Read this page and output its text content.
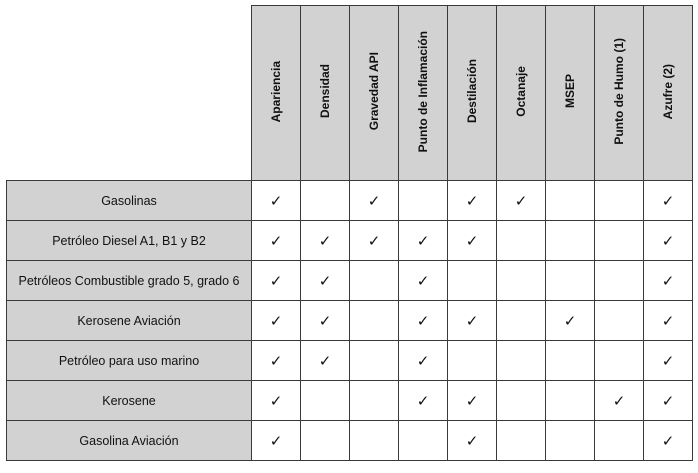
	Apariencia	Densidad	Gravedad API	Punto de Inflamación	Destilación	Octanaje	MSEP	Punto de Humo (1)	Azufre (2)
Gasolinas	✓		✓		✓	✓			✓
Petróleo Diesel A1, B1 y B2	✓	✓	✓	✓	✓				✓
Petróleos Combustible grado 5, grado 6	✓	✓		✓					✓
Kerosene Aviación	✓	✓		✓	✓		✓		✓
Petróleo para uso marino	✓	✓		✓					✓
Kerosene	✓			✓	✓			✓	✓
Gasolina Aviación	✓				✓				✓
